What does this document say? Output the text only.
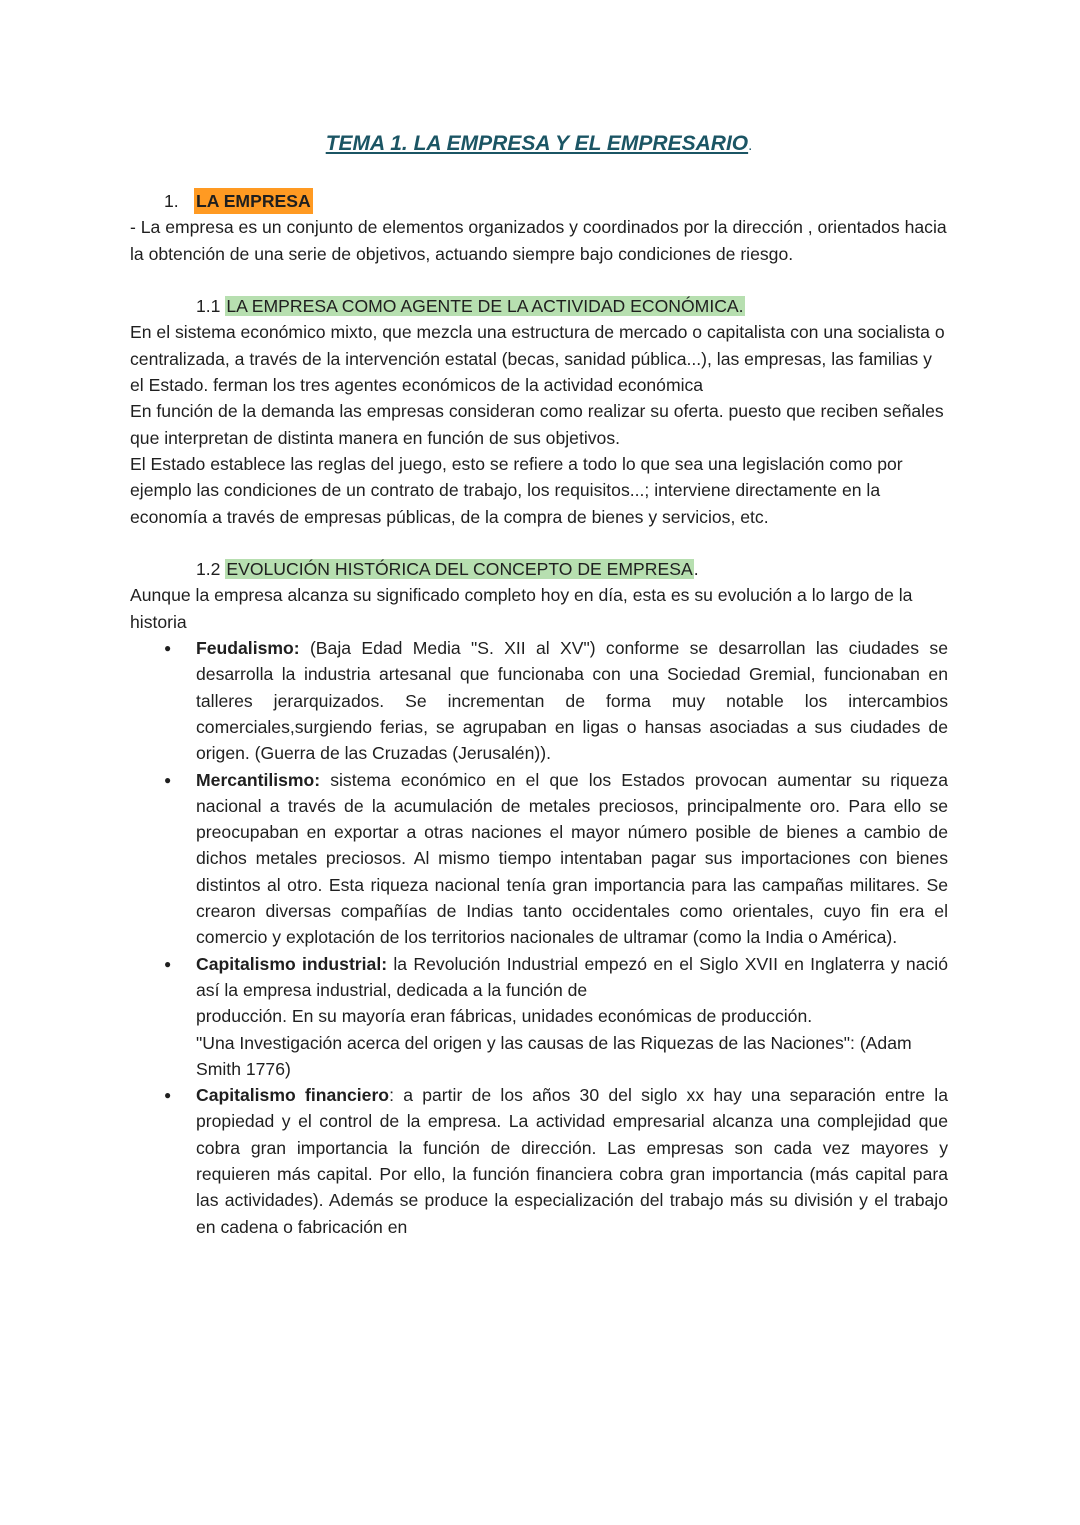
TEMA 1. LA EMPRESA Y EL EMPRESARIO.
1. LA EMPRESA

- La empresa es un conjunto de elementos organizados y coordinados por la dirección , orientados hacia la obtención de una serie de objetivos, actuando siempre bajo condiciones de riesgo.

1.1 LA EMPRESA COMO AGENTE DE LA ACTIVIDAD ECONÓMICA.

En el sistema económico mixto, que mezcla una estructura de mercado o capitalista con una socialista o centralizada, a través de la intervención estatal (becas, sanidad pública...), las empresas, las familias y el Estado. ferman los tres agentes económicos de la actividad económica

En función de la demanda las empresas consideran como realizar su oferta. puesto que reciben señales que interpretan de distinta manera en función de sus objetivos.

El Estado establece las reglas del juego, esto se refiere a todo lo que sea una legislación como por ejemplo las condiciones de un contrato de trabajo, los requisitos...; interviene directamente en la economía a través de empresas públicas, de la compra de bienes y servicios, etc.

1.2 EVOLUCIÓN HISTÓRICA DEL CONCEPTO DE EMPRESA.

Aunque la empresa alcanza su significado completo hoy en día, esta es su evolución a lo largo de la historia

● Feudalismo: (Baja Edad Media "S. XII al XV") conforme se desarrollan las ciudades se desarrolla la industria artesanal que funcionaba con una Sociedad Gremial, funcionaban en talleres jerarquizados. Se incrementan de forma muy notable los intercambios comerciales,surgiendo ferias, se agrupaban en ligas o hansas asociadas a sus ciudades de origen. (Guerra de las Cruzadas (Jerusalén)).
● Mercantilismo: sistema económico en el que los Estados provocan aumentar su riqueza nacional a través de la acumulación de metales preciosos, principalmente oro. Para ello se preocupaban en exportar a otras naciones el mayor número posible de bienes a cambio de dichos metales preciosos. Al mismo tiempo intentaban pagar sus importaciones con bienes distintos al otro. Esta riqueza nacional tenía gran importancia para las campañas militares. Se crearon diversas compañías de Indias tanto occidentales como orientales, cuyo fin era el comercio y explotación de los territorios nacionales de ultramar (como la India o América).
● Capitalismo industrial: la Revolución Industrial empezó en el Siglo XVII en Inglaterra y nació así la empresa industrial, dedicada a la función de
producción. En su mayoría eran fábricas, unidades económicas de producción.
"Una Investigación acerca del origen y las causas de las Riquezas de las Naciones": (Adam Smith 1776)
● Capitalismo financiero: a partir de los años 30 del siglo xx hay una separación entre la propiedad y el control de la empresa. La actividad empresarial alcanza una complejidad que cobra gran importancia la función de dirección. Las empresas son cada vez mayores y requieren más capital. Por ello, la función financiera cobra gran importancia (más capital para las actividades). Además se produce la especialización del trabajo más su división y el trabajo en cadena o fabricación en
